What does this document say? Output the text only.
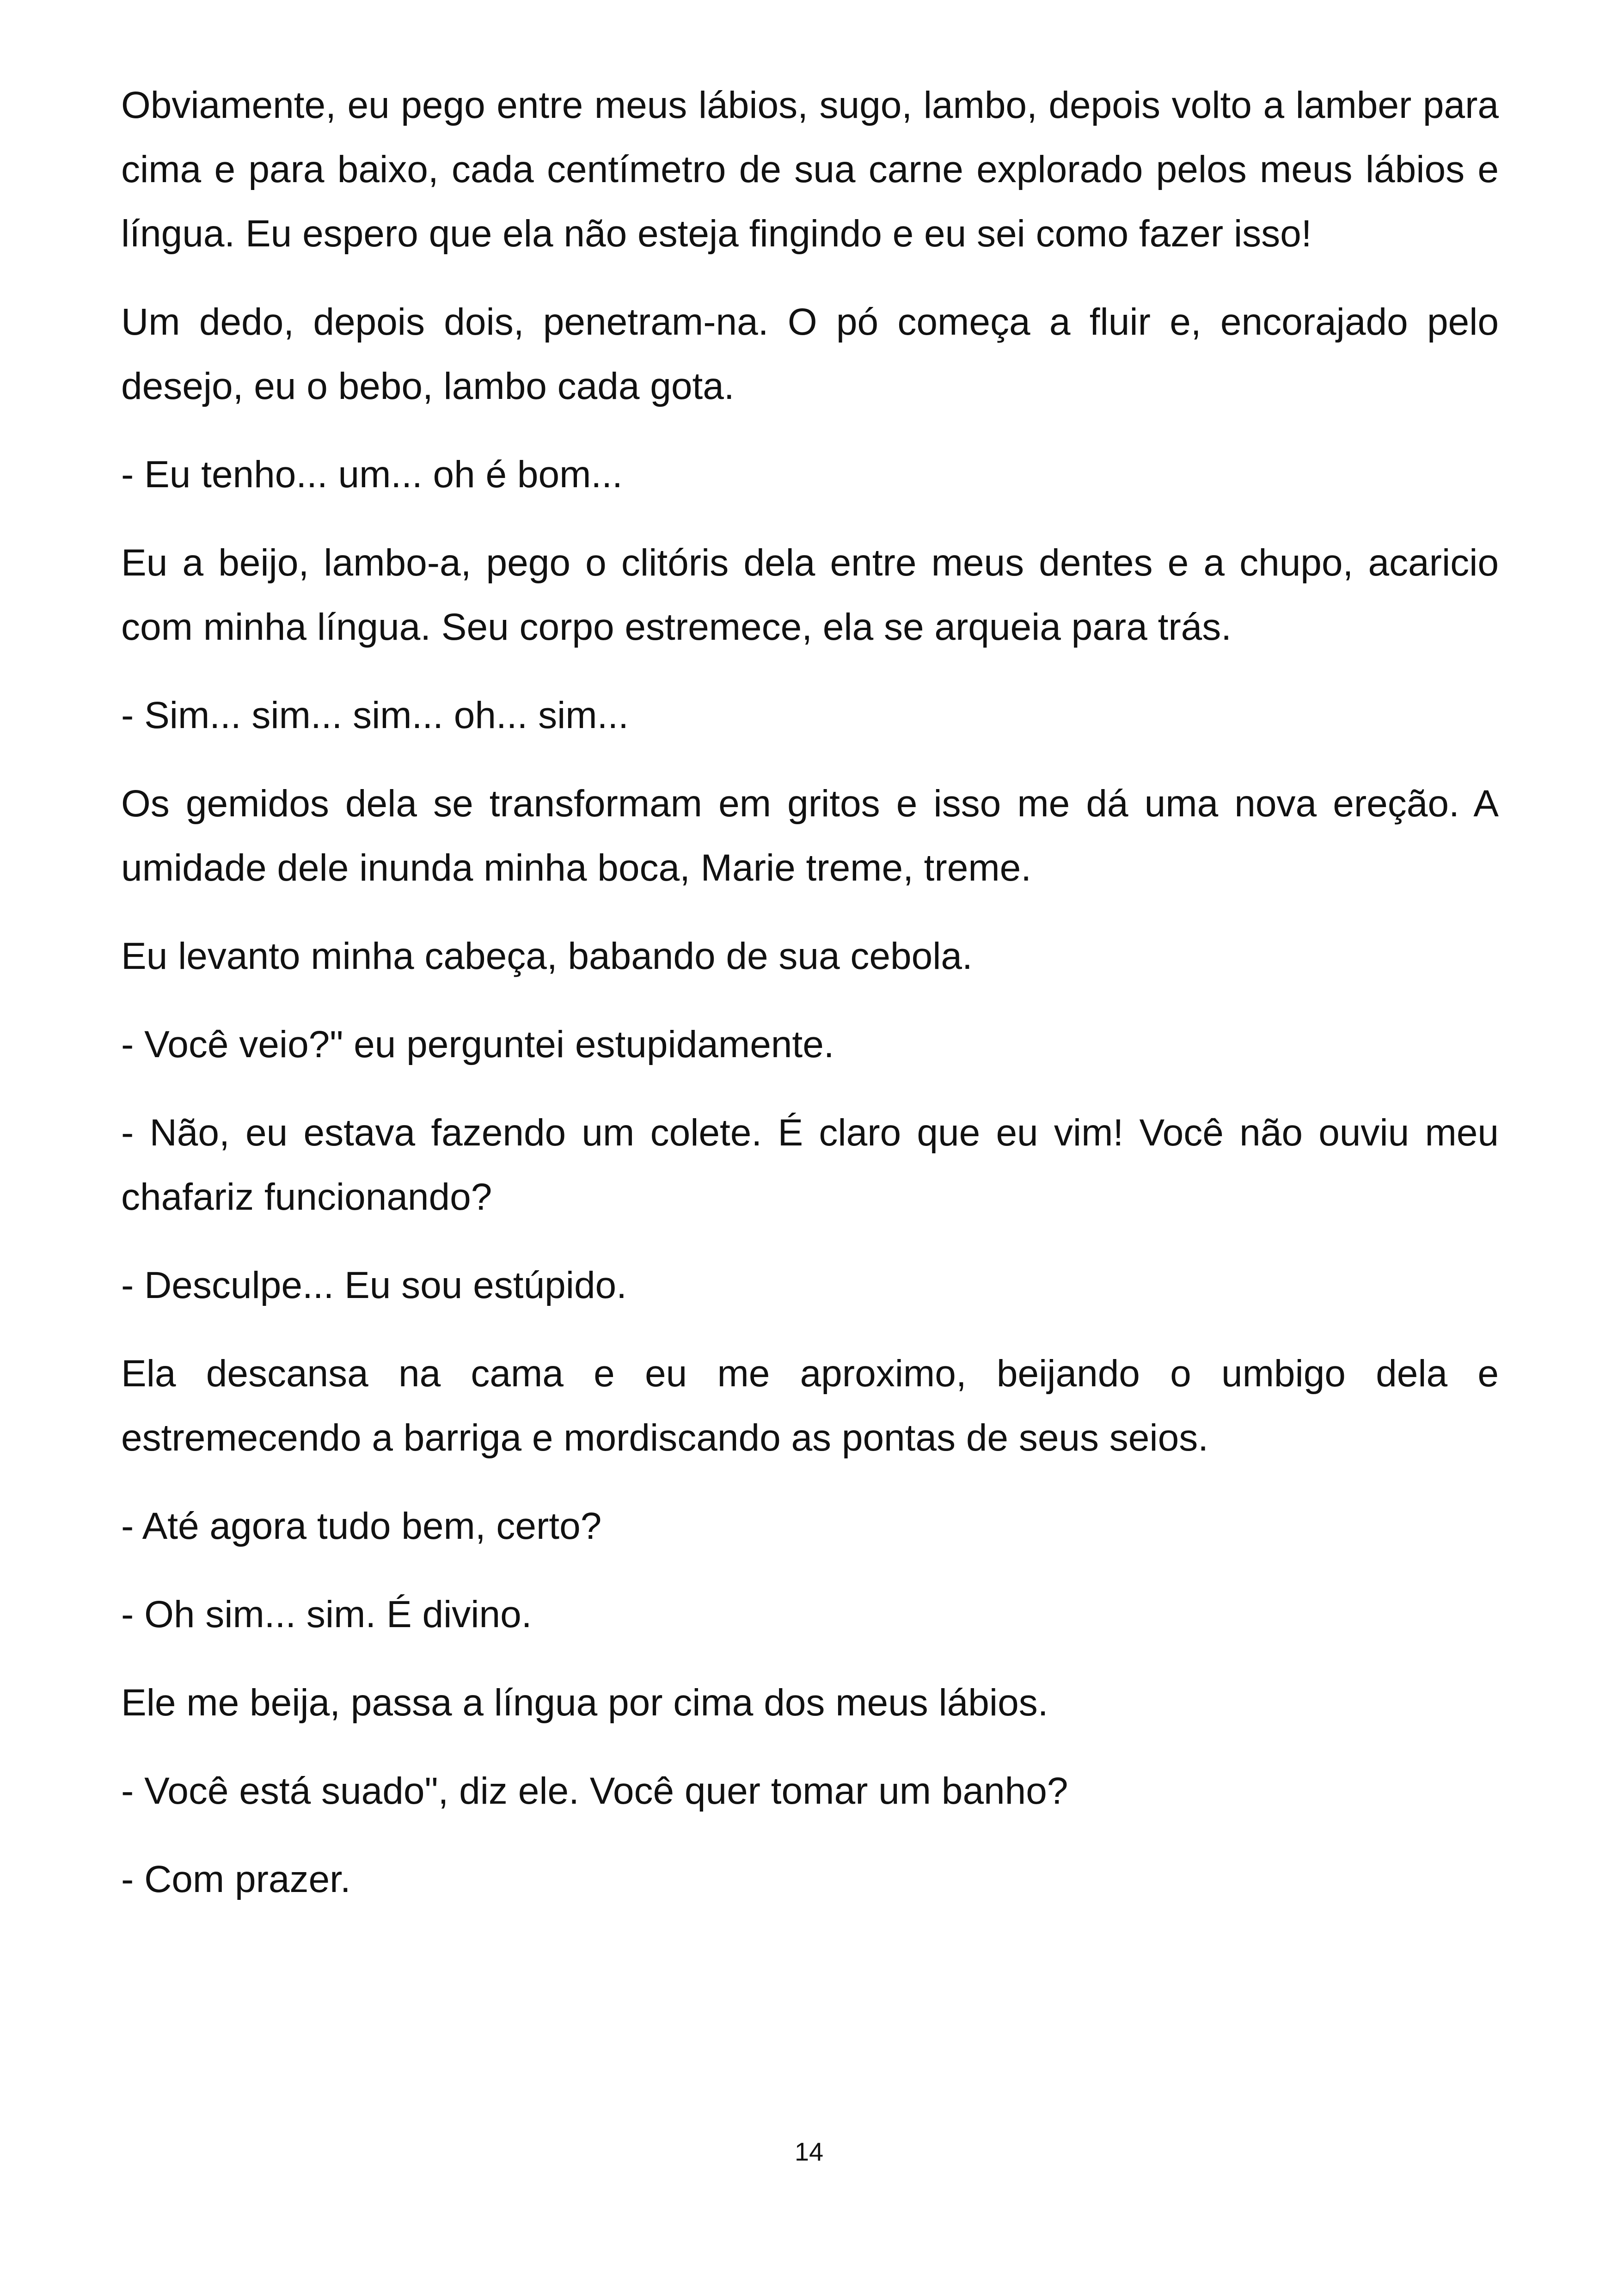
Obviamente, eu pego entre meus lábios, sugo, lambo, depois volto a lamber para cima e para baixo, cada centímetro de sua carne explorado pelos meus lábios e língua. Eu espero que ela não esteja fingindo e eu sei como fazer isso!

Um dedo, depois dois, penetram-na. O pó começa a fluir e, encorajado pelo desejo, eu o bebo, lambo cada gota.

- Eu tenho... um... oh é bom...

Eu a beijo, lambo-a, pego o clitóris dela entre meus dentes e a chupo, acaricio com minha língua. Seu corpo estremece, ela se arqueia para trás.

- Sim... sim... sim... oh... sim...

Os gemidos dela se transformam em gritos e isso me dá uma nova ereção. A umidade dele inunda minha boca, Marie treme, treme.

Eu levanto minha cabeça, babando de sua cebola.

- Você veio?" eu perguntei estupidamente.

- Não, eu estava fazendo um colete. É claro que eu vim! Você não ouviu meu chafariz funcionando?

- Desculpe... Eu sou estúpido.

Ela descansa na cama e eu me aproximo, beijando o umbigo dela e estremecendo a barriga e mordiscando as pontas de seus seios.

- Até agora tudo bem, certo?

- Oh sim... sim. É divino.

Ele me beija, passa a língua por cima dos meus lábios.

- Você está suado", diz ele. Você quer tomar um banho?

- Com prazer.

14
